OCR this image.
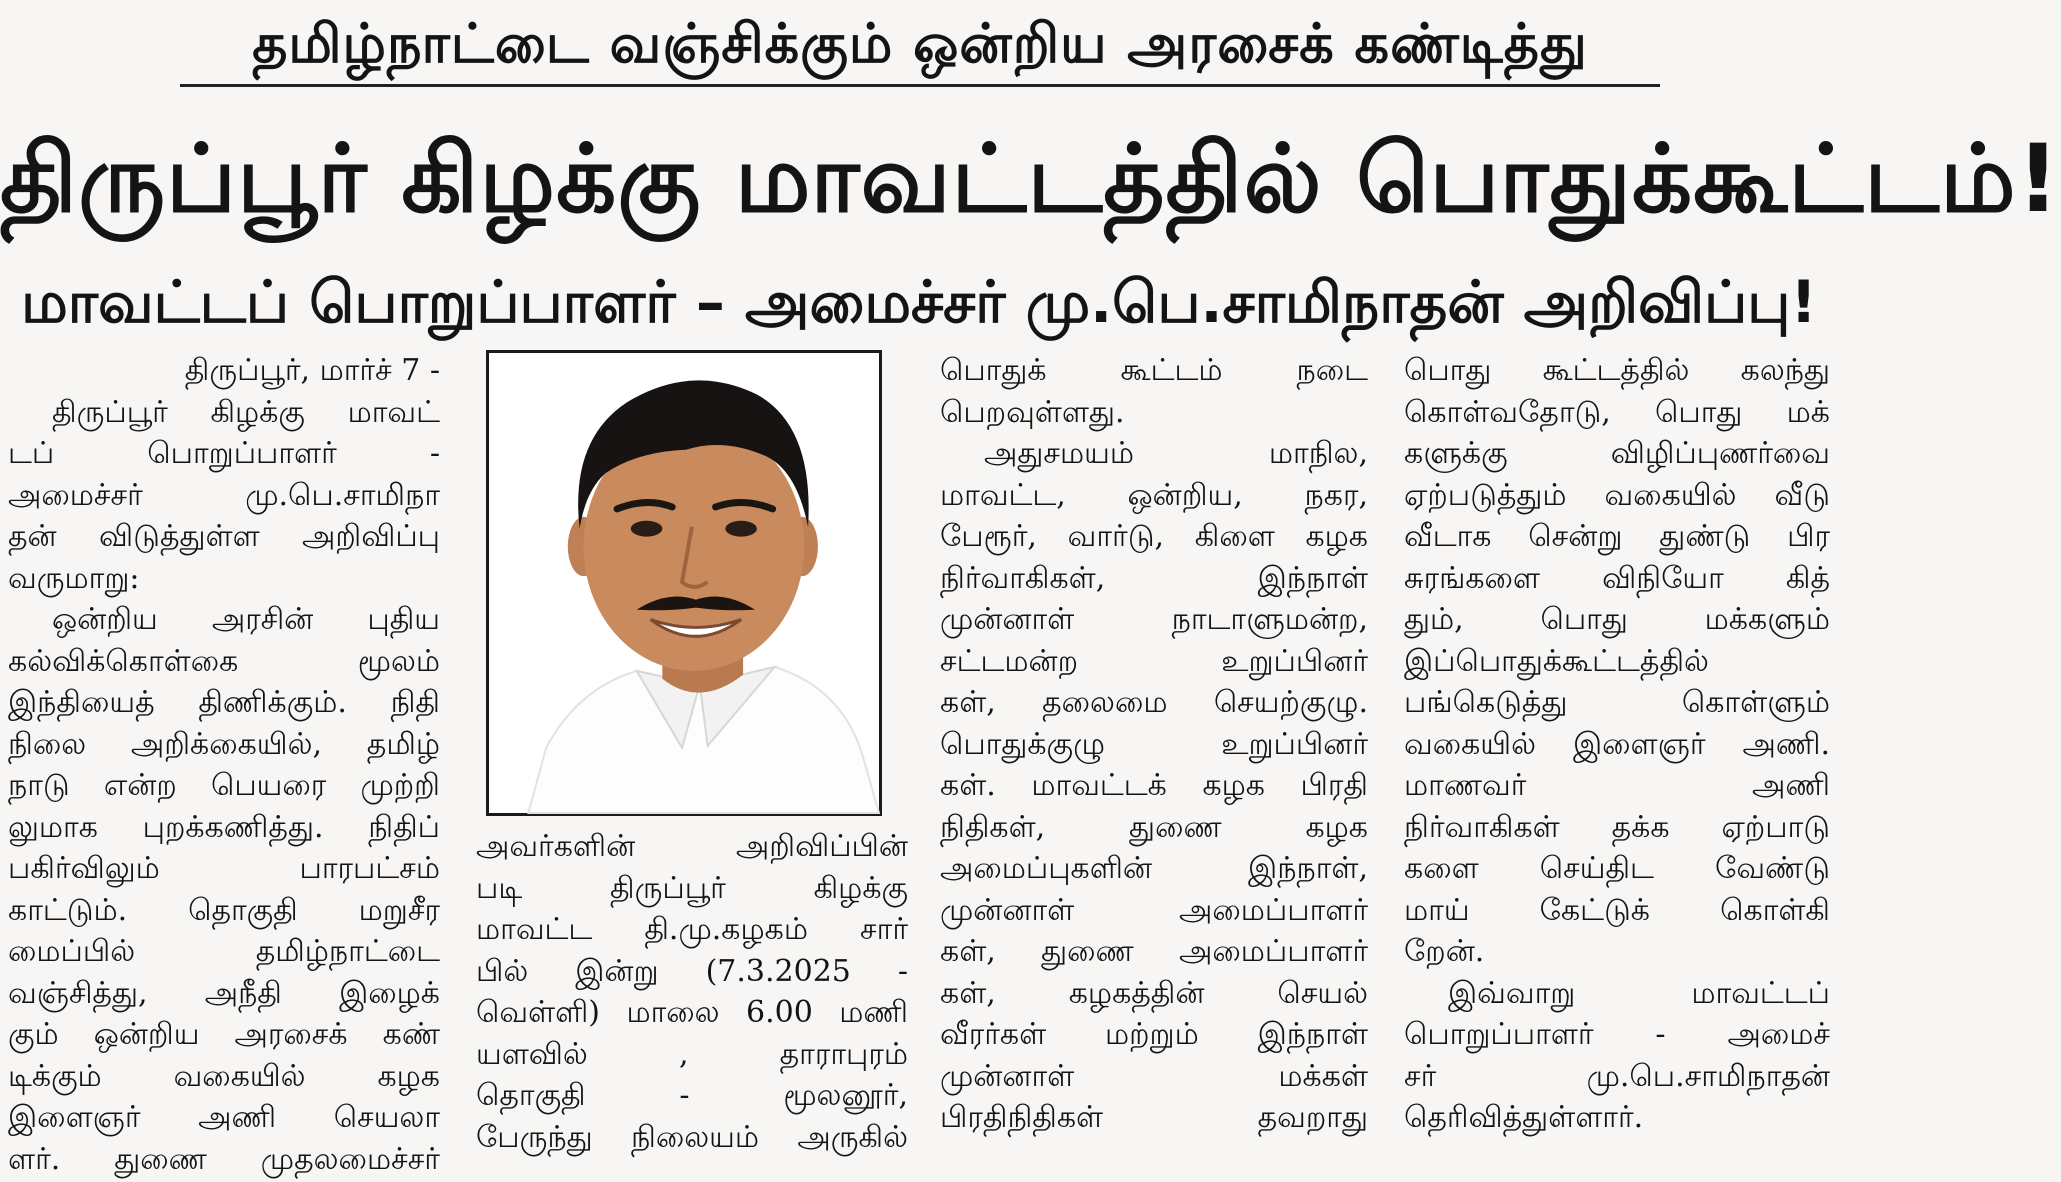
தமிழ்நாட்டை வஞ்சிக்கும் ஒன்றிய அரசைக் கண்டித்து
திருப்பூர் கிழக்கு மாவட்டத்தில் பொதுக்கூட்டம்!
மாவட்டப் பொறுப்பாளர் – அமைச்சர் மு.பெ.சாமிநாதன் அறிவிப்பு!
திருப்பூர், மார்ச் 7 -
திருப்பூர் கிழக்கு மாவட்
டப் பொறுப்பாளர் -
அமைச்சர் மு.பெ.சாமிநா
தன் விடுத்துள்ள அறிவிப்பு
வருமாறு:
ஒன்றிய அரசின் புதிய
கல்விக்கொள்கை மூலம்
இந்தியைத் திணிக்கும். நிதி
நிலை அறிக்கையில், தமிழ்
நாடு என்ற பெயரை முற்றி
லுமாக புறக்கணித்து. நிதிப்
பகிர்விலும் பாரபட்சம்
காட்டும். தொகுதி மறுசீர
மைப்பில் தமிழ்நாட்டை
வஞ்சித்து, அநீதி இழைக்
கும் ஒன்றிய அரசைக் கண்
டிக்கும் வகையில் கழக
இளைஞர் அணி செயலா
ளர். துணை முதலமைச்சர்
அவர்களின் அறிவிப்பின்
படி திருப்பூர் கிழக்கு
மாவட்ட தி.மு.கழகம் சார்
பில் இன்று (7.3.2025 -
வெள்ளி) மாலை 6.00 மணி
யளவில் , தாராபுரம்
தொகுதி - மூலனூர்,
பேருந்து நிலையம் அருகில்
பொதுக் கூட்டம் நடை
பெறவுள்ளது.
அதுசமயம் மாநில,
மாவட்ட, ஒன்றிய, நகர,
பேரூர், வார்டு, கிளை கழக
நிர்வாகிகள், இந்நாள்
முன்னாள் நாடாளுமன்ற,
சட்டமன்ற உறுப்பினர்
கள், தலைமை செயற்குழு.
பொதுக்குழு உறுப்பினர்
கள். மாவட்டக் கழக பிரதி
நிதிகள், துணை கழக
அமைப்புகளின் இந்நாள்,
முன்னாள் அமைப்பாளர்
கள், துணை அமைப்பாளர்
கள், கழகத்தின் செயல்
வீரர்கள் மற்றும் இந்நாள்
முன்னாள் மக்கள்
பிரதிநிதிகள் தவறாது
பொது கூட்டத்தில் கலந்து
கொள்வதோடு, பொது மக்
களுக்கு விழிப்புணர்வை
ஏற்படுத்தும் வகையில் வீடு
வீடாக சென்று துண்டு பிர
சுரங்களை விநியோ கித்
தும், பொது மக்களும்
இப்பொதுக்கூட்டத்தில்
பங்கெடுத்து கொள்ளும்
வகையில் இளைஞர் அணி.
மாணவர் அணி
நிர்வாகிகள் தக்க ஏற்பாடு
களை செய்திட வேண்டு
மாய் கேட்டுக் கொள்கி
றேன்.
இவ்வாறு மாவட்டப்
பொறுப்பாளர் - அமைச்
சர் மு.பெ.சாமிநாதன்
தெரிவித்துள்ளார்.
